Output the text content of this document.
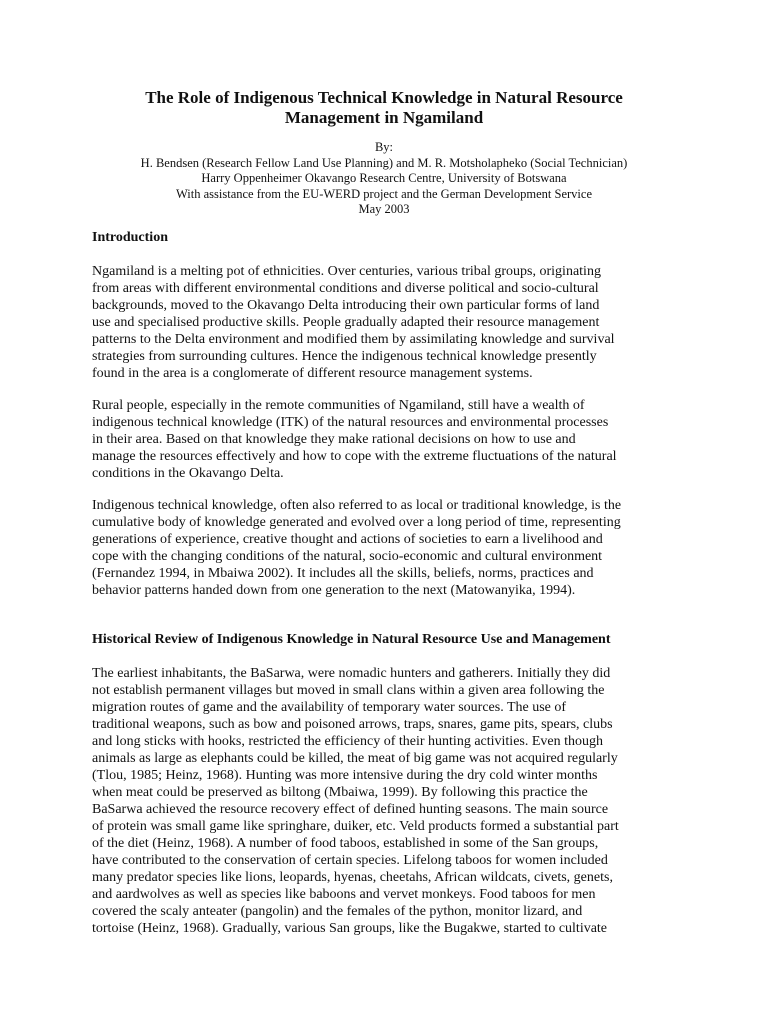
The Role of Indigenous Technical Knowledge in Natural Resource
Management in Ngamiland
By:
H. Bendsen (Research Fellow Land Use Planning) and M. R. Motsholapheko (Social Technician)
Harry Oppenheimer Okavango Research Centre, University of Botswana
With assistance from the EU-WERD project and the German Development Service
May 2003
Introduction
Ngamiland is a melting pot of ethnicities. Over centuries, various tribal groups, originating
from areas with different environmental conditions and diverse political and socio-cultural
backgrounds, moved to the Okavango Delta introducing their own particular forms of land
use and specialised productive skills. People gradually adapted their resource management
patterns to the Delta environment and modified them by assimilating knowledge and survival
strategies from surrounding cultures. Hence the indigenous technical knowledge presently
found in the area is a conglomerate of different resource management systems.
Rural people, especially in the remote communities of Ngamiland, still have a wealth of
indigenous technical knowledge (ITK) of the natural resources and environmental processes
in their area. Based on that knowledge they make rational decisions on how to use and
manage the resources effectively and how to cope with the extreme fluctuations of the natural
conditions in the Okavango Delta.
Indigenous technical knowledge, often also referred to as local or traditional knowledge, is the
cumulative body of knowledge generated and evolved over a long period of time, representing
generations of experience, creative thought and actions of societies to earn a livelihood and
cope with the changing conditions of the natural, socio-economic and cultural environment
(Fernandez 1994, in Mbaiwa 2002). It includes all the skills, beliefs, norms, practices and
behavior patterns handed down from one generation to the next (Matowanyika, 1994).
Historical Review of Indigenous Knowledge in Natural Resource Use and Management
The earliest inhabitants, the BaSarwa, were nomadic hunters and gatherers. Initially they did
not establish permanent villages but moved in small clans within a given area following the
migration routes of game and the availability of temporary water sources. The use of
traditional weapons, such as bow and poisoned arrows, traps, snares, game pits, spears, clubs
and long sticks with hooks, restricted the efficiency of their hunting activities. Even though
animals as large as elephants could be killed, the meat of big game was not acquired regularly
(Tlou, 1985; Heinz, 1968). Hunting was more intensive during the dry cold winter months
when meat could be preserved as biltong (Mbaiwa, 1999). By following this practice the
BaSarwa achieved the resource recovery effect of defined hunting seasons. The main source
of protein was small game like springhare, duiker, etc. Veld products formed a substantial part
of the diet (Heinz, 1968). A number of food taboos, established in some of the San groups,
have contributed to the conservation of certain species. Lifelong taboos for women included
many predator species like lions, leopards, hyenas, cheetahs, African wildcats, civets, genets,
and aardwolves as well as species like baboons and vervet monkeys. Food taboos for men
covered the scaly anteater (pangolin) and the females of the python, monitor lizard, and
tortoise (Heinz, 1968). Gradually, various San groups, like the Bugakwe, started to cultivate
